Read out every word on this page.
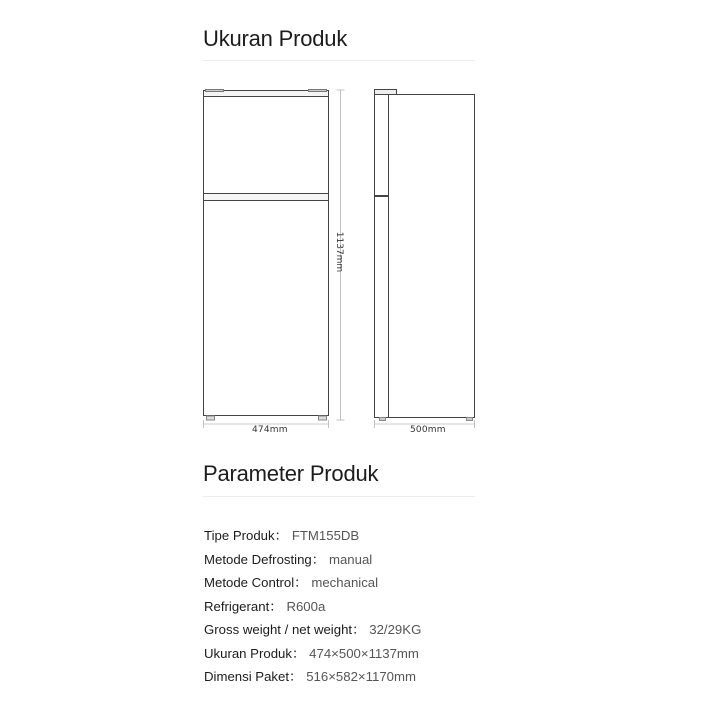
Ukuran Produk
474mm	500mm
1137mm
Parameter Produk
Tipe Produk： FTM155DB
Metode Defrosting： manual
Metode Control： mechanical
Refrigerant： R600a
Gross weight / net weight： 32/29KG
Ukuran Produk： 474×500×1137mm
Dimensi Paket： 516×582×1170mm
